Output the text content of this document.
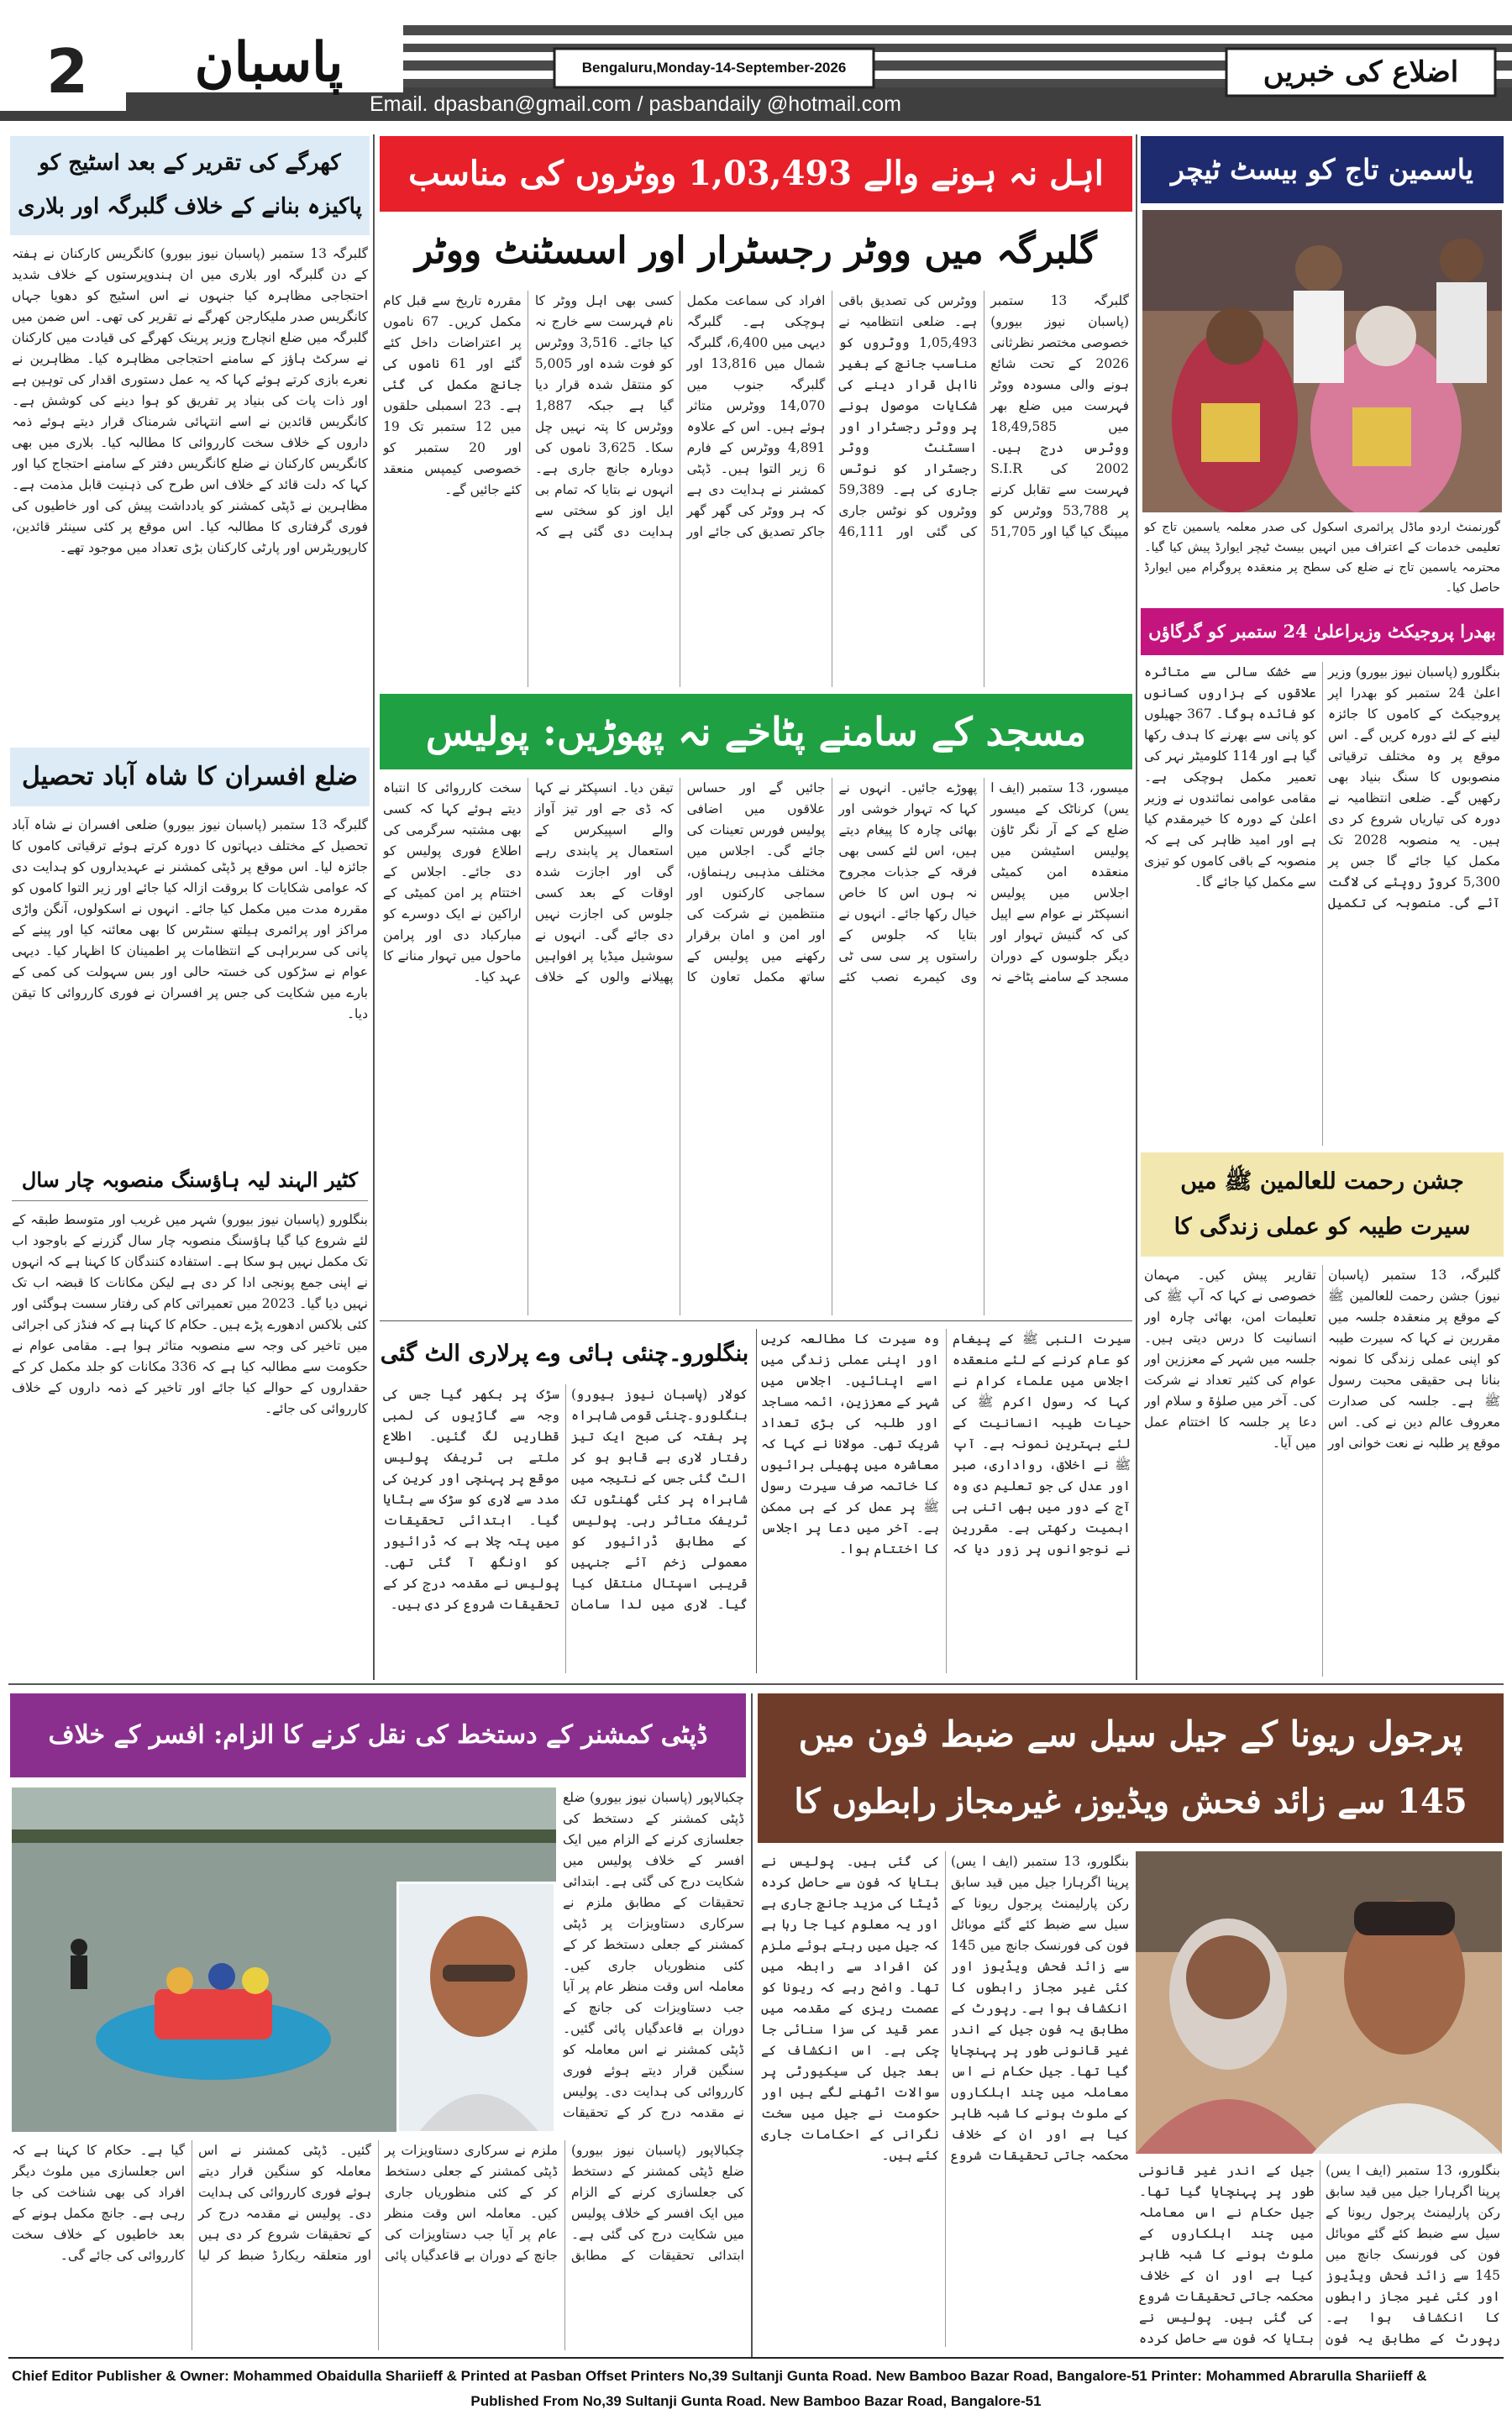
2	پاسبان	Bengaluru,Monday-14-September-2026
Email. dpasban@gmail.com / pasbandaily @hotmail.com
اضلاع کی خبریں
کھرگے کی تقریر کے بعد اسٹیج کو پاکیزہ بنانے کے خلاف گلبرگہ اور بلاری
گلبرگہ 13 ستمبر (پاسبان نیوز بیورو) کانگریس کارکنان نے ہفتہ کے دن گلبرگہ اور بلاری میں ان ہندوپرستوں کے خلاف شدید احتجاجی مظاہرہ کیا جنہوں نے اس اسٹیج کو دھویا جہاں کانگریس صدر ملیکارجن کھرگے نے تقریر کی تھی۔ اس ضمن میں گلبرگہ میں ضلع انچارج وزیر پرینک کھرگے کی قیادت میں کارکنان نے سرکٹ ہاؤز کے سامنے احتجاجی مظاہرہ کیا۔ مظاہرین نے نعرے بازی کرتے ہوئے کہا کہ یہ عمل دستوری اقدار کی توہین ہے اور ذات پات کی بنیاد پر تفریق کو ہوا دینے کی کوشش ہے۔ کانگریس قائدین نے اسے انتہائی شرمناک قرار دیتے ہوئے ذمہ داروں کے خلاف سخت کارروائی کا مطالبہ کیا۔ بلاری میں بھی کانگریس کارکنان نے ضلع کانگریس دفتر کے سامنے احتجاج کیا اور کہا کہ دلت قائد کے خلاف اس طرح کی ذہنیت قابل مذمت ہے۔ مظاہرین نے ڈپٹی کمشنر کو یادداشت پیش کی اور خاطیوں کی فوری گرفتاری کا مطالبہ کیا۔ اس موقع پر کئی سینئر قائدین، کارپوریٹرس اور پارٹی کارکنان بڑی تعداد میں موجود تھے۔
ضلع افسران کا شاہ آباد تحصیل
گلبرگہ 13 ستمبر (پاسبان نیوز بیورو) ضلعی افسران نے شاہ آباد تحصیل کے مختلف دیہاتوں کا دورہ کرتے ہوئے ترقیاتی کاموں کا جائزہ لیا۔ اس موقع پر ڈپٹی کمشنر نے عہدیداروں کو ہدایت دی کہ عوامی شکایات کا بروقت ازالہ کیا جائے اور زیر التوا کاموں کو مقررہ مدت میں مکمل کیا جائے۔ انہوں نے اسکولوں، آنگن واڑی مراکز اور پرائمری ہیلتھ سنٹرس کا بھی معائنہ کیا اور پینے کے پانی کی سربراہی کے انتظامات پر اطمینان کا اظہار کیا۔ دیہی عوام نے سڑکوں کی خستہ حالی اور بس سہولت کی کمی کے بارے میں شکایت کی جس پر افسران نے فوری کارروائی کا تیقن دیا۔
کٹیر الہند لیہ ہاؤسنگ منصوبہ چار سال
بنگلورو (پاسبان نیوز بیورو) شہر میں غریب اور متوسط طبقہ کے لئے شروع کیا گیا ہاؤسنگ منصوبہ چار سال گزرنے کے باوجود اب تک مکمل نہیں ہو سکا ہے۔ استفادہ کنندگان کا کہنا ہے کہ انہوں نے اپنی جمع پونجی ادا کر دی ہے لیکن مکانات کا قبضہ اب تک نہیں دیا گیا۔ 2023 میں تعمیراتی کام کی رفتار سست ہوگئی اور کئی بلاکس ادھورے پڑے ہیں۔ حکام کا کہنا ہے کہ فنڈز کی اجرائی میں تاخیر کی وجہ سے منصوبہ متاثر ہوا ہے۔ مقامی عوام نے حکومت سے مطالبہ کیا ہے کہ 336 مکانات کو جلد مکمل کر کے حقداروں کے حوالے کیا جائے اور تاخیر کے ذمہ داروں کے خلاف کارروائی کی جائے۔
اہل نہ ہونے والے 1,03,493 ووٹروں کی مناسب
گلبرگہ میں ووٹر رجسٹرار اور اسسٹنٹ ووٹر
گلبرگہ 13 ستمبر (پاسبان نیوز بیورو) خصوصی مختصر نظرثانی 2026 کے تحت شائع ہونے والی مسودہ ووٹر فہرست میں ضلع بھر میں 18,49,585 ووٹرس درج ہیں۔ 2002 کی S.I.R فہرست سے تقابل کرنے پر 53,788 ووٹرس کو میپنگ کیا گیا اور 51,705 ووٹرس کی تصدیق باقی ہے۔ ضلعی انتظامیہ نے 1,05,493 ووٹروں کو مناسب جانچ کے بغیر نااہل قرار دینے کی شکایات موصول ہونے پر ووٹر رجسٹرار اور اسسٹنٹ ووٹر رجسٹرار کو نوٹس جاری کی ہے۔ 59,389 ووٹروں کو نوٹس جاری کی گئی اور 46,111 افراد کی سماعت مکمل ہوچکی ہے۔ گلبرگہ دیہی میں 6,400، گلبرگہ شمال میں 13,816 اور گلبرگہ جنوب میں 14,070 ووٹرس متاثر ہوئے ہیں۔ اس کے علاوہ 4,891 ووٹرس کے فارم 6 زیر التوا ہیں۔ ڈپٹی کمشنر نے ہدایت دی ہے کہ ہر ووٹر کی گھر گھر جاکر تصدیق کی جائے اور کسی بھی اہل ووٹر کا نام فہرست سے خارج نہ کیا جائے۔ 3,516 ووٹرس کو فوت شدہ اور 5,005 کو منتقل شدہ قرار دیا گیا ہے جبکہ 1,887 ووٹرس کا پتہ نہیں چل سکا۔ 3,625 ناموں کی دوبارہ جانچ جاری ہے۔ انہوں نے بتایا کہ تمام بی ایل اوز کو سختی سے ہدایت دی گئی ہے کہ مقررہ تاریخ سے قبل کام مکمل کریں۔ 67 ناموں پر اعتراضات داخل کئے گئے اور 61 ناموں کی جانچ مکمل کی گئی ہے۔ 23 اسمبلی حلقوں میں 12 ستمبر تک 19 اور 20 ستمبر کو خصوصی کیمپس منعقد کئے جائیں گے۔
مسجد کے سامنے پٹاخے نہ پھوڑیں: پولیس
میسور، 13 ستمبر (ایف ا یس) کرناٹک کے میسور ضلع کے کے آر نگر ٹاؤن پولیس اسٹیشن میں منعقدہ امن کمیٹی اجلاس میں پولیس انسپکٹر نے عوام سے اپیل کی کہ گنیش تہوار اور دیگر جلوسوں کے دوران مسجد کے سامنے پٹاخے نہ پھوڑے جائیں۔ انہوں نے کہا کہ تہوار خوشی اور بھائی چارہ کا پیغام دیتے ہیں، اس لئے کسی بھی فرقہ کے جذبات مجروح نہ ہوں اس کا خاص خیال رکھا جائے۔ انہوں نے بتایا کہ جلوس کے راستوں پر سی سی ٹی وی کیمرے نصب کئے جائیں گے اور حساس علاقوں میں اضافی پولیس فورس تعینات کی جائے گی۔ اجلاس میں مختلف مذہبی رہنماؤں، سماجی کارکنوں اور منتظمین نے شرکت کی اور امن و امان برقرار رکھنے میں پولیس کے ساتھ مکمل تعاون کا تیقن دیا۔ انسپکٹر نے کہا کہ ڈی جے اور تیز آواز والے اسپیکرس کے استعمال پر پابندی رہے گی اور اجازت شدہ اوقات کے بعد کسی جلوس کی اجازت نہیں دی جائے گی۔ انہوں نے سوشیل میڈیا پر افواہیں پھیلانے والوں کے خلاف سخت کارروائی کا انتباہ دیتے ہوئے کہا کہ کسی بھی مشتبہ سرگرمی کی اطلاع فوری پولیس کو دی جائے۔ اجلاس کے اختتام پر امن کمیٹی کے اراکین نے ایک دوسرے کو مبارکباد دی اور پرامن ماحول میں تہوار منانے کا عہد کیا۔
سیرت النبی ﷺ کے پیغام کو عام کرنے کے لئے منعقدہ اجلاس میں علماء کرام نے کہا کہ رسول اکرم ﷺ کی حیات طیبہ انسانیت کے لئے بہترین نمونہ ہے۔ آپ ﷺ نے اخلاق، رواداری، صبر اور عدل کی جو تعلیم دی وہ آج کے دور میں بھی اتنی ہی اہمیت رکھتی ہے۔ مقررین نے نوجوانوں پر زور دیا کہ وہ سیرت کا مطالعہ کریں اور اپنی عملی زندگی میں اسے اپنائیں۔ اجلاس میں شہر کے معززین، ائمہ مساجد اور طلبہ کی بڑی تعداد شریک تھی۔ مولانا نے کہا کہ معاشرہ میں پھیلی برائیوں کا خاتمہ صرف سیرت رسول ﷺ پر عمل کر کے ہی ممکن ہے۔ آخر میں دعا پر اجلاس کا اختتام ہوا۔
بنگلورو۔چنئی ہائی وے پرلاری الٹ گئی
کولار (پاسبان نیوز بیورو) بنگلورو۔چنئی قومی شاہراہ پر ہفتہ کی صبح ایک تیز رفتار لاری بے قابو ہو کر الٹ گئی جس کے نتیجہ میں شاہراہ پر کئی گھنٹوں تک ٹریفک متاثر رہی۔ پولیس کے مطابق ڈرائیور کو معمولی زخم آئے جنہیں قریبی اسپتال منتقل کیا گیا۔ لاری میں لدا سامان سڑک پر بکھر گیا جس کی وجہ سے گاڑیوں کی لمبی قطاریں لگ گئیں۔ اطلاع ملتے ہی ٹریفک پولیس موقع پر پہنچی اور کرین کی مدد سے لاری کو سڑک سے ہٹایا گیا۔ ابتدائی تحقیقات میں پتہ چلا ہے کہ ڈرائیور کو اونگھ آ گئی تھی۔ پولیس نے مقدمہ درج کر کے تحقیقات شروع کر دی ہیں۔
یاسمین تاج کو بیسٹ ٹیچر
گورنمنٹ اردو ماڈل پرائمری اسکول کی صدر معلمہ یاسمین تاج کو تعلیمی خدمات کے اعتراف میں انہیں بیسٹ ٹیچر ایوارڈ پیش کیا گیا۔ محترمہ یاسمین تاج نے ضلع کی سطح پر منعقدہ پروگرام میں ایوارڈ حاصل کیا۔
بھدرا پروجیکٹ وزیراعلیٰ 24 ستمبر کو گرگاؤں
بنگلورو (پاسبان نیوز بیورو) وزیر اعلیٰ 24 ستمبر کو بھدرا اپر پروجیکٹ کے کاموں کا جائزہ لینے کے لئے دورہ کریں گے۔ اس موقع پر وہ مختلف ترقیاتی منصوبوں کا سنگ بنیاد بھی رکھیں گے۔ ضلعی انتظامیہ نے دورہ کی تیاریاں شروع کر دی ہیں۔ یہ منصوبہ 2028 تک مکمل کیا جائے گا جس پر 5,300 کروڑ روپئے کی لاگت آئے گی۔ منصوبہ کی تکمیل سے خشک سالی سے متاثرہ علاقوں کے ہزاروں کسانوں کو فائدہ ہوگا۔ 367 جھیلوں کو پانی سے بھرنے کا ہدف رکھا گیا ہے اور 114 کلومیٹر نہر کی تعمیر مکمل ہوچکی ہے۔ مقامی عوامی نمائندوں نے وزیر اعلیٰ کے دورہ کا خیرمقدم کیا ہے اور امید ظاہر کی ہے کہ منصوبہ کے باقی کاموں کو تیزی سے مکمل کیا جائے گا۔
جشن رحمت للعالمین ﷺ میں سیرت طیبہ کو عملی زندگی کا
گلبرگہ، 13 ستمبر (پاسبان نیوز) جشن رحمت للعالمین ﷺ کے موقع پر منعقدہ جلسہ میں مقررین نے کہا کہ سیرت طیبہ کو اپنی عملی زندگی کا نمونہ بنانا ہی حقیقی محبت رسول ﷺ ہے۔ جلسہ کی صدارت معروف عالم دین نے کی۔ اس موقع پر طلبہ نے نعت خوانی اور تقاریر پیش کیں۔ مہمان خصوصی نے کہا کہ آپ ﷺ کی تعلیمات امن، بھائی چارہ اور انسانیت کا درس دیتی ہیں۔ جلسہ میں شہر کے معززین اور عوام کی کثیر تعداد نے شرکت کی۔ آخر میں صلوٰۃ و سلام اور دعا پر جلسہ کا اختتام عمل میں آیا۔
ڈپٹی کمشنر کے دستخط کی نقل کرنے کا الزام: افسر کے خلاف
چکبالاپور (پاسبان نیوز بیورو) ضلع ڈپٹی کمشنر کے دستخط کی جعلسازی کرنے کے الزام میں ایک افسر کے خلاف پولیس میں شکایت درج کی گئی ہے۔ ابتدائی تحقیقات کے مطابق ملزم نے سرکاری دستاویزات پر ڈپٹی کمشنر کے جعلی دستخط کر کے کئی منظوریاں جاری کیں۔ معاملہ اس وقت منظر عام پر آیا جب دستاویزات کی جانچ کے دوران بے قاعدگیاں پائی گئیں۔ ڈپٹی کمشنر نے اس معاملہ کو سنگین قرار دیتے ہوئے فوری کارروائی کی ہدایت دی۔ پولیس نے مقدمہ درج کر کے تحقیقات
چکبالاپور (پاسبان نیوز بیورو) ضلع ڈپٹی کمشنر کے دستخط کی جعلسازی کرنے کے الزام میں ایک افسر کے خلاف پولیس میں شکایت درج کی گئی ہے۔ ابتدائی تحقیقات کے مطابق ملزم نے سرکاری دستاویزات پر ڈپٹی کمشنر کے جعلی دستخط کر کے کئی منظوریاں جاری کیں۔ معاملہ اس وقت منظر عام پر آیا جب دستاویزات کی جانچ کے دوران بے قاعدگیاں پائی گئیں۔ ڈپٹی کمشنر نے اس معاملہ کو سنگین قرار دیتے ہوئے فوری کارروائی کی ہدایت دی۔ پولیس نے مقدمہ درج کر کے تحقیقات شروع کر دی ہیں اور متعلقہ ریکارڈ ضبط کر لیا گیا ہے۔ حکام کا کہنا ہے کہ اس جعلسازی میں ملوث دیگر افراد کی بھی شناخت کی جا رہی ہے۔ جانچ مکمل ہونے کے بعد خاطیوں کے خلاف سخت کارروائی کی جائے گی۔
پرجول ریونا کے جیل سیل سے ضبط فون میں
145 سے زائد فحش ویڈیوز، غیرمجاز رابطوں کا
بنگلورو، 13 ستمبر (ایف ا یس) پرپنا اگرہارا جیل میں قید سابق رکن پارلیمنٹ پرجول ریونا کے سیل سے ضبط کئے گئے موبائل فون کی فورنسک جانچ میں 145 سے زائد فحش ویڈیوز اور کئی غیر مجاز رابطوں کا انکشاف ہوا ہے۔ رپورٹ کے مطابق یہ فون جیل کے اندر غیر قانونی طور پر پہنچایا گیا تھا۔ جیل حکام نے اس معاملہ میں چند اہلکاروں کے ملوث ہونے کا شبہ ظاہر کیا ہے اور ان کے خلاف محکمہ جاتی تحقیقات شروع کی گئی ہیں۔ پولیس نے بتایا کہ فون سے حاصل کردہ ڈیٹا کی مزید جانچ جاری ہے اور یہ معلوم کیا جا رہا ہے کہ جیل میں رہتے ہوئے ملزم کن افراد سے رابطہ میں تھا۔ واضح رہے کہ ریونا کو عصمت ریزی کے مقدمہ میں عمر قید کی سزا سنائی جا چکی ہے۔ اس انکشاف کے بعد جیل کی سیکیورٹی پر سوالات اٹھنے لگے ہیں اور حکومت نے جیل میں سخت نگرانی کے احکامات جاری کئے ہیں۔
بنگلورو، 13 ستمبر (ایف ا یس) پرپنا اگرہارا جیل میں قید سابق رکن پارلیمنٹ پرجول ریونا کے سیل سے ضبط کئے گئے موبائل فون کی فورنسک جانچ میں 145 سے زائد فحش ویڈیوز اور کئی غیر مجاز رابطوں کا انکشاف ہوا ہے۔ رپورٹ کے مطابق یہ فون جیل کے اندر غیر قانونی طور پر پہنچایا گیا تھا۔ جیل حکام نے اس معاملہ میں چند اہلکاروں کے ملوث ہونے کا شبہ ظاہر کیا ہے اور ان کے خلاف محکمہ جاتی تحقیقات شروع کی گئی ہیں۔ پولیس نے بتایا کہ فون سے حاصل کردہ
Chief Editor Publisher & Owner: Mohammed Obaidulla Shariieff & Printed at Pasban Offset Printers No,39 Sultanji Gunta Road. New Bamboo Bazar Road, Bangalore-51 Printer: Mohammed Abrarulla Shariieff &
Published From No,39 Sultanji Gunta Road. New Bamboo Bazar Road, Bangalore-51
